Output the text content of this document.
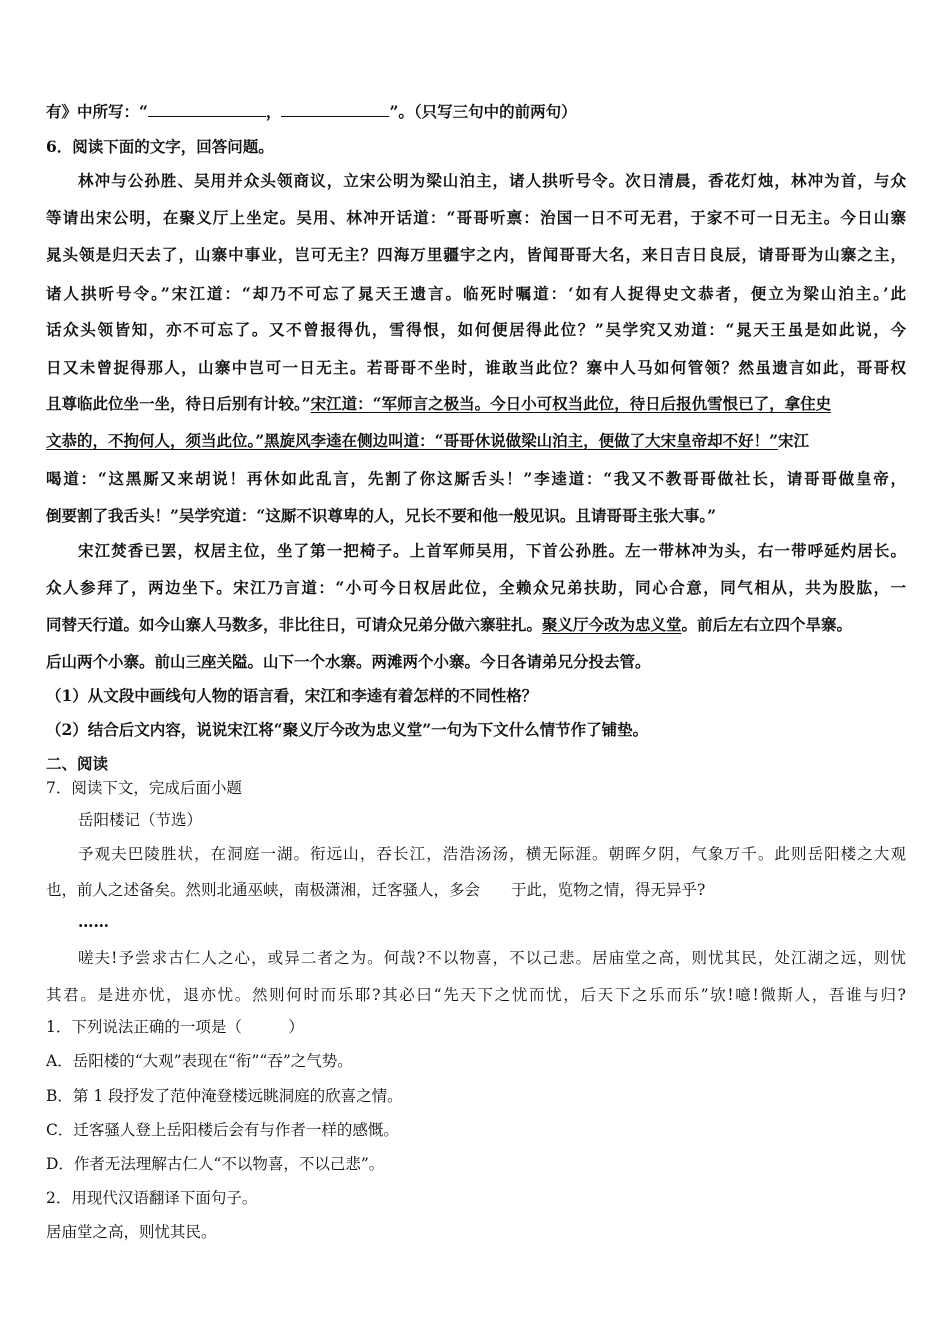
有》中所写：“	，	”。（只写三句中的前两句）
6．阅读下面的文字，回答问题。
林冲与公孙胜、吴用并众头领商议，立宋公明为梁山泊主，诸人拱听号令。次日清晨，香花灯烛，林冲为首，与众
等请出宋公明，在聚义厅上坐定。吴用、林冲开话道：“哥哥听禀：治国一日不可无君，于家不可一日无主。今日山寨
晁头领是归天去了，山寨中事业，岂可无主？四海万里疆宇之内，皆闻哥哥大名，来日吉日良辰，请哥哥为山寨之主，
诸人拱听号令。”宋江道：“却乃不可忘了晁天王遗言。临死时嘱道：‘如有人捉得史文恭者，便立为梁山泊主。’此
话众头领皆知，亦不可忘了。又不曾报得仇，雪得恨，如何便居得此位？”吴学究又劝道：“晁天王虽是如此说，今
日又未曾捉得那人，山寨中岂可一日无主。若哥哥不坐时，谁敢当此位？寨中人马如何管领？然虽遗言如此，哥哥权
且尊临此位坐一坐，待日后别有计较。”宋江道：“军师言之极当。今日小可权当此位，待日后报仇雪恨已了，拿住史
文恭的，不拘何人，须当此位。”黑旋风李逵在侧边叫道：“哥哥休说做梁山泊主，便做了大宋皇帝却不好！”宋江
喝道：“这黑厮又来胡说！再休如此乱言，先割了你这厮舌头！”李逵道：“我又不教哥哥做社长，请哥哥做皇帝，
倒要割了我舌头！”吴学究道：“这厮不识尊卑的人，兄长不要和他一般见识。且请哥哥主张大事。”
宋江焚香已罢，权居主位，坐了第一把椅子。上首军师吴用，下首公孙胜。左一带林冲为头，右一带呼延灼居长。
众人参拜了，两边坐下。宋江乃言道：“小可今日权居此位，全赖众兄弟扶助，同心合意，同气相从，共为股肱，一
同替天行道。如今山寨人马数多，非比往日，可请众兄弟分做六寨驻扎。聚义厅今改为忠义堂。前后左右立四个旱寨。
后山两个小寨。前山三座关隘。山下一个水寨。两滩两个小寨。今日各请弟兄分投去管。
（1）从文段中画线句人物的语言看，宋江和李逵有着怎样的不同性格？
（2）结合后文内容，说说宋江将“聚义厅今改为忠义堂”一句为下文什么情节作了铺垫。
二、阅读
7．阅读下文，完成后面小题
岳阳楼记（节选）
予观夫巴陵胜状，在洞庭一湖。衔远山，吞长江，浩浩汤汤，横无际涯。朝晖夕阴，气象万千。此则岳阳楼之大观
也，前人之述备矣。然则北通巫峡，南极潇湘，迁客骚人，多会　　于此，览物之情，得无异乎?
……
嗟夫!予尝求古仁人之心，或异二者之为。何哉?不以物喜，不以己悲。居庙堂之高，则忧其民，处江湖之远，则忧
其君。是进亦忧，退亦忧。然则何时而乐耶?其必曰“先天下之忧而忧，后天下之乐而乐”欤!噫!微斯人，吾谁与归?
1．下列说法正确的一项是（　　　）
A．岳阳楼的“大观”表现在“衔”“吞”之气势。
B．第 1 段抒发了范仲淹登楼远眺洞庭的欣喜之情。
C．迁客骚人登上岳阳楼后会有与作者一样的感慨。
D．作者无法理解古仁人“不以物喜，不以己悲”。
2．用现代汉语翻译下面句子。
居庙堂之高，则忧其民。
